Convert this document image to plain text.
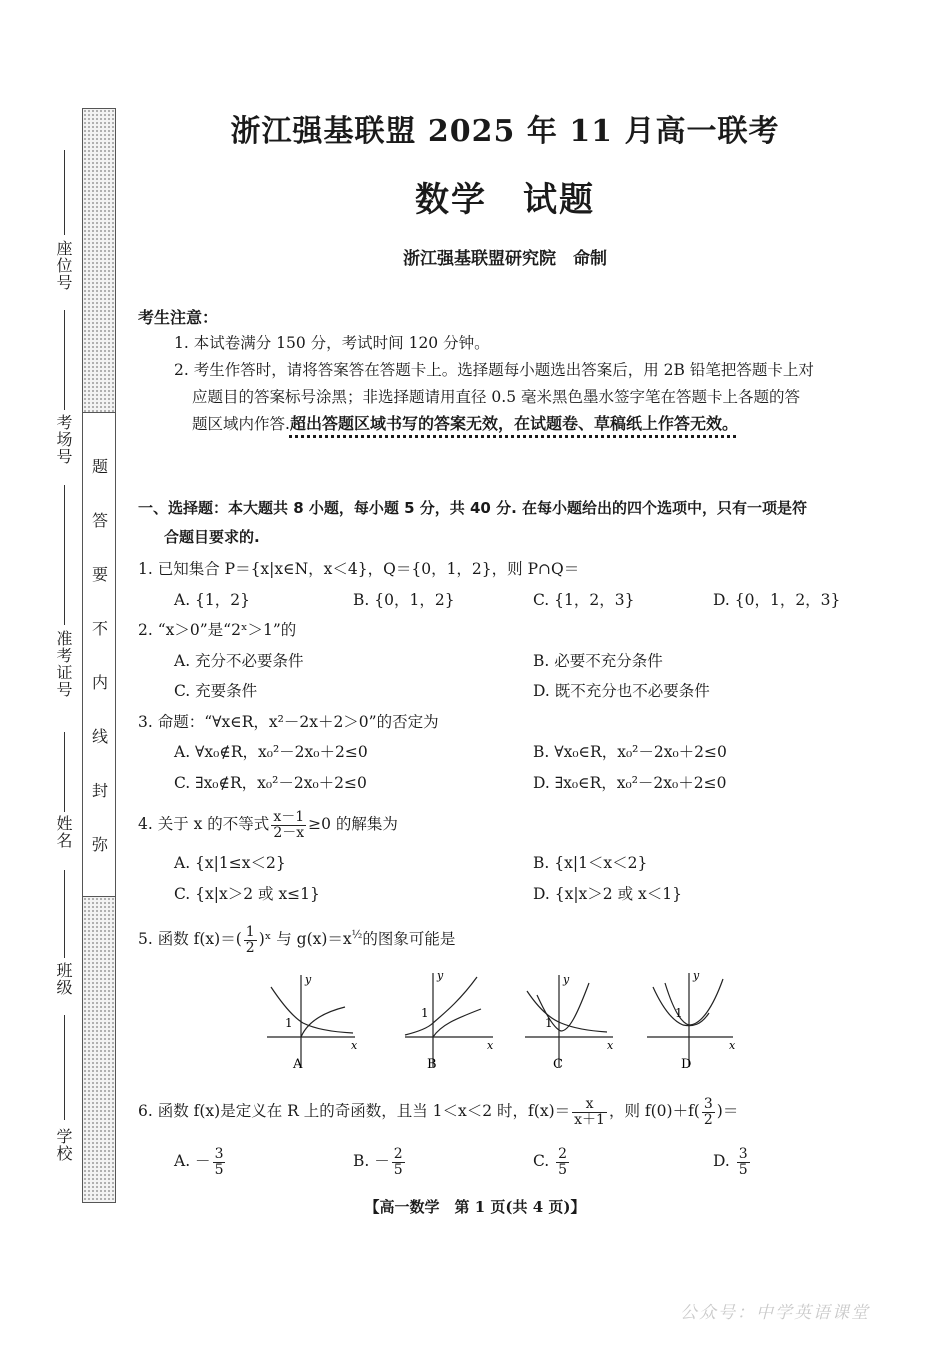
题
答
要
不
内
线
封
弥
座位号
考场号
准考证号
姓名
班级
学校
浙江强基联盟 2025 年 11 月高一联考
数学　试题
浙江强基联盟研究院　命制
考生注意：
1. 本试卷满分 150 分，考试时间 120 分钟。
2. 考生作答时，请将答案答在答题卡上。选择题每小题选出答案后，用 2B 铅笔把答题卡上对
应题目的答案标号涂黑；非选择题请用直径 0.5 毫米黑色墨水签字笔在答题卡上各题的答
题区域内作答.超出答题区域书写的答案无效，在试题卷、草稿纸上作答无效。
一、选择题：本大题共 8 小题，每小题 5 分，共 40 分. 在每小题给出的四个选项中，只有一项是符
合题目要求的.
1. 已知集合 P＝{x|x∈N，x＜4}，Q＝{0，1，2}，则 P∩Q＝
A. {1，2}	B. {0，1，2}	C. {1，2，3}	D. {0，1，2，3}
2. “x＞0”是“2ˣ＞1”的
A. 充分不必要条件	B. 必要不充分条件
C. 充要条件	D. 既不充分也不必要条件
3. 命题：“∀x∈R，x²－2x＋2＞0”的否定为
A. ∀x₀∉R，x₀²－2x₀＋2≤0	B. ∀x₀∈R，x₀²－2x₀＋2≤0
C. ∃x₀∉R，x₀²－2x₀＋2≤0	D. ∃x₀∈R，x₀²－2x₀＋2≤0
4. 关于 x 的不等式 $\frac{x-1}{2-x} \ge 0$ 的解集为
A. {x|1≤x＜2}	B. {x|1＜x＜2}
C. {x|x＞2 或 x≤1}	D. {x|x＞2 或 x＜1}
5. 函数 $f(x)=( \frac{1}{2}$ )ˣ 与 $g(x)=x^{\frac{1}{2}}$的图象可能是
1
y
x
A
1
y
x
B
1
y
x
C
1
y
x
D
6. 函数 f(x)是定义在 R 上的奇函数，且当 1＜x＜2 时，$f(x)= \frac{x}{x+1}$ ，则 $f(0)+f( \frac{3}{2}$ )＝
A. － $\frac{3}{5}$	B. － $\frac{2}{5}$	C. $\frac{2}{5}$	D. $\frac{3}{5}$
【高一数学　第 1 页(共 4 页)】
公众号：中学英语课堂
